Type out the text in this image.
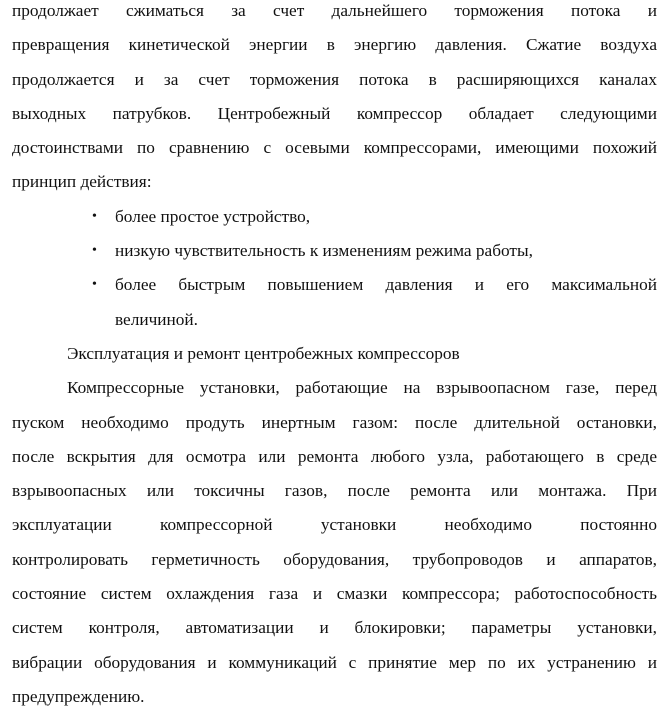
продолжает сжиматься за счет дальнейшего торможения потока и
превращения кинетической энергии в энергию давления. Сжатие воздуха
продолжается и за счет торможения потока в расширяющихся каналах
выходных патрубков. Центробежный компрессор обладает следующими
достоинствами по сравнению с осевыми компрессорами, имеющими похожий
принцип действия:
• более простое устройство,
• низкую чувствительность к изменениям режима работы,
• более быстрым повышением давления и его максимальной
величиной.
Эксплуатация и ремонт центробежных компрессоров
Компрессорные установки, работающие на взрывоопасном газе, перед
пуском необходимо продуть инертным газом: после длительной остановки,
после вскрытия для осмотра или ремонта любого узла, работающего в среде
взрывоопасных или токсичны газов, после ремонта или монтажа. При
эксплуатации компрессорной установки необходимо постоянно
контролировать герметичность оборудования, трубопроводов и аппаратов,
состояние систем охлаждения газа и смазки компрессора; работоспособность
систем контроля, автоматизации и блокировки; параметры установки,
вибрации оборудования и коммуникаций с принятие мер по их устранению и
предупреждению.
